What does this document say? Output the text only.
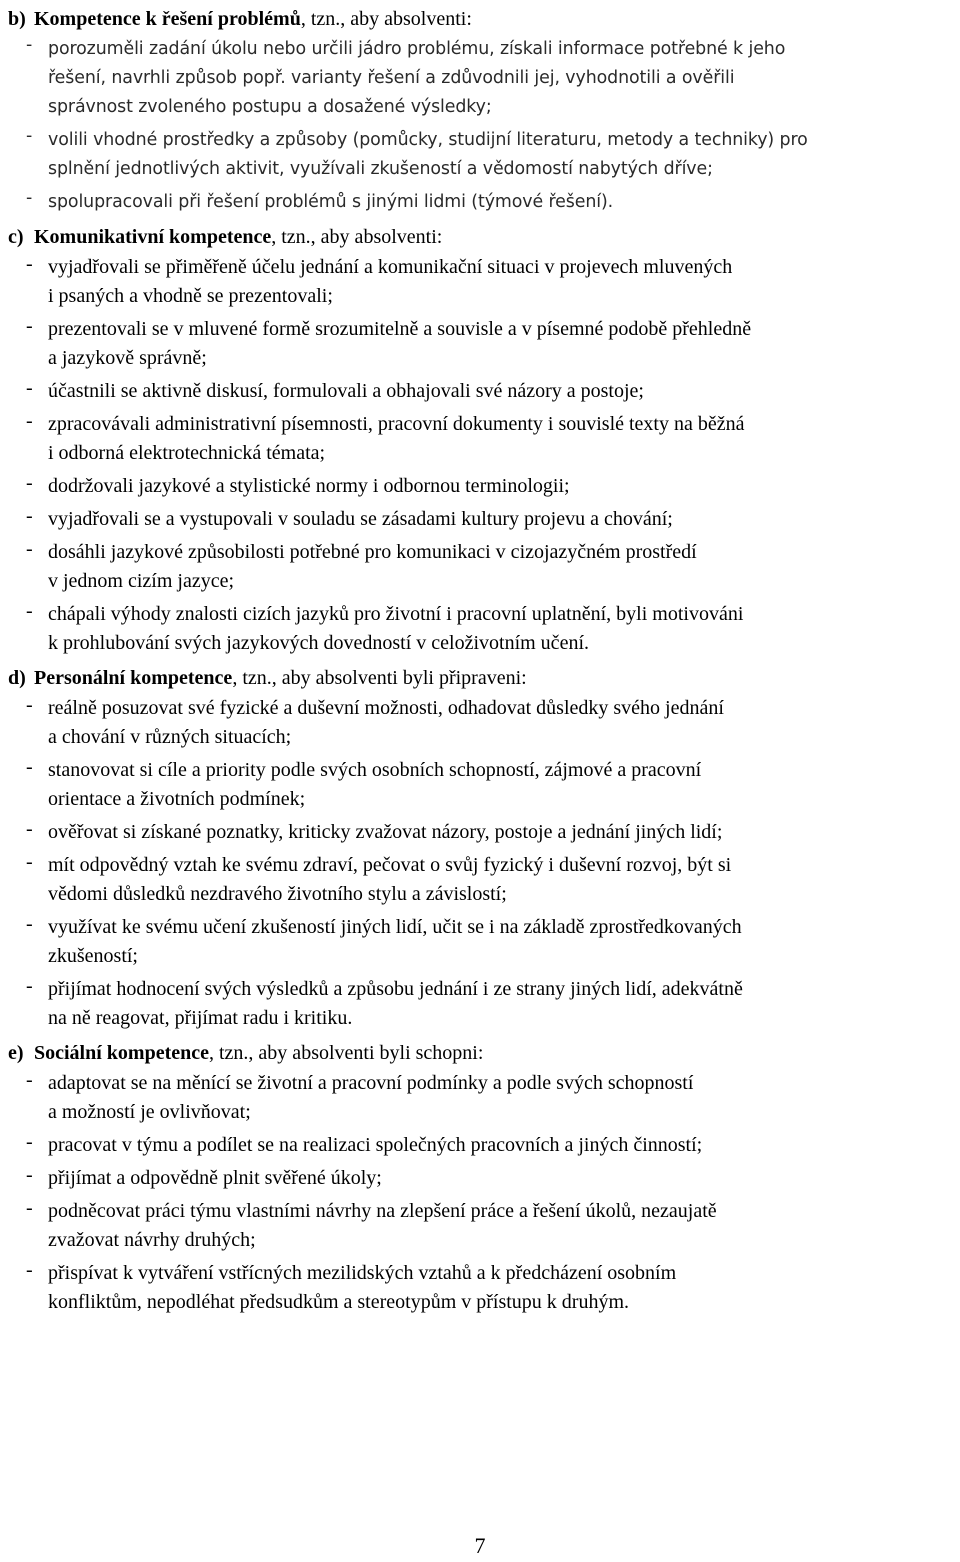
b) Kompetence k řešení problémů, tzn., aby absolventi:
- porozuměli zadání úkolu nebo určili jádro problému, získali informace potřebné k jeho
řešení, navrhli způsob popř. varianty řešení a zdůvodnili jej, vyhodnotili a ověřili
správnost zvoleného postupu a dosažené výsledky;
- volili vhodné prostředky a způsoby (pomůcky, studijní literaturu, metody a techniky) pro
splnění jednotlivých aktivit, využívali zkušeností a vědomostí nabytých dříve;
- spolupracovali při řešení problémů s jinými lidmi (týmové řešení).
c) Komunikativní kompetence, tzn., aby absolventi:
- vyjadřovali se přiměřeně účelu jednání a komunikační situaci v projevech mluvených
i psaných a vhodně se prezentovali;
- prezentovali se v mluvené formě srozumitelně a souvisle a v písemné podobě přehledně
a jazykově správně;
- účastnili se aktivně diskusí, formulovali a obhajovali své názory a postoje;
- zpracovávali administrativní písemnosti, pracovní dokumenty i souvislé texty na běžná
i odborná elektrotechnická témata;
- dodržovali jazykové a stylistické normy i odbornou terminologii;
- vyjadřovali se a vystupovali v souladu se zásadami kultury projevu a chování;
- dosáhli jazykové způsobilosti potřebné pro komunikaci v cizojazyčném prostředí
v jednom cizím jazyce;
- chápali výhody znalosti cizích jazyků pro životní i pracovní uplatnění, byli motivováni
k prohlubování svých jazykových dovedností v celoživotním učení.
d) Personální kompetence, tzn., aby absolventi byli připraveni:
- reálně posuzovat své fyzické a duševní možnosti, odhadovat důsledky svého jednání
a chování v různých situacích;
- stanovovat si cíle a priority podle svých osobních schopností, zájmové a pracovní
orientace a životních podmínek;
- ověřovat si získané poznatky, kriticky zvažovat názory, postoje a jednání jiných lidí;
- mít odpovědný vztah ke svému zdraví, pečovat o svůj fyzický i duševní rozvoj, být si
vědomi důsledků nezdravého životního stylu a závislostí;
- využívat ke svému učení zkušeností jiných lidí, učit se i na základě zprostředkovaných
zkušeností;
- přijímat hodnocení svých výsledků a způsobu jednání i ze strany jiných lidí, adekvátně
na ně reagovat, přijímat radu i kritiku.
e) Sociální kompetence, tzn., aby absolventi byli schopni:
- adaptovat se na měnící se životní a pracovní podmínky a podle svých schopností
a možností je ovlivňovat;
- pracovat v týmu a podílet se na realizaci společných pracovních a jiných činností;
- přijímat a odpovědně plnit svěřené úkoly;
- podněcovat práci týmu vlastními návrhy na zlepšení práce a řešení úkolů, nezaujatě
zvažovat návrhy druhých;
- přispívat k vytváření vstřícných mezilidských vztahů a k předcházení osobním
konfliktům, nepodléhat předsudkům a stereotypům v přístupu k druhým.
7
